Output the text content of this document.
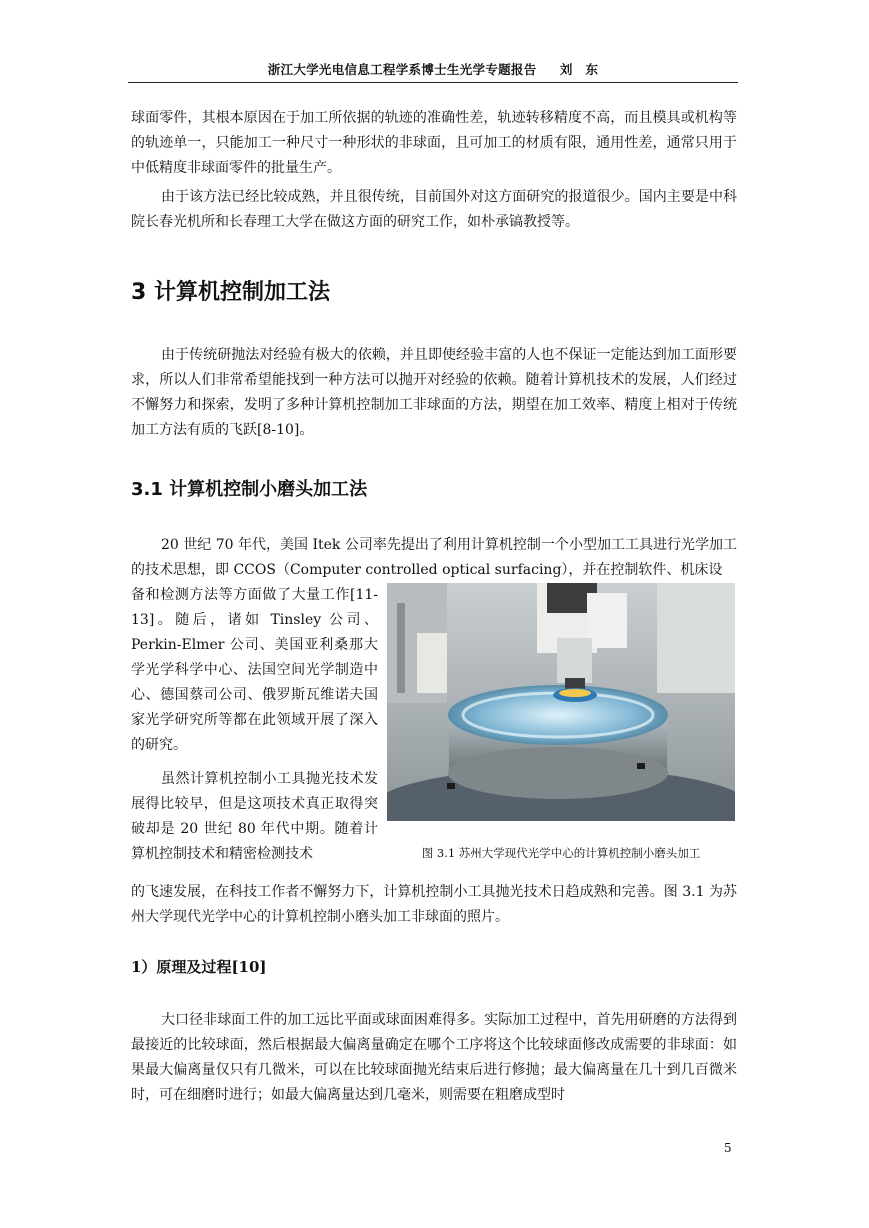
浙江大学光电信息工程学系博士生光学专题报告 刘　东

球面零件，其根本原因在于加工所依据的轨迹的准确性差，轨迹转移精度不高，而且模具或机构等的轨迹单一，只能加工一种尺寸一种形状的非球面，且可加工的材质有限，通用性差，通常只用于中低精度非球面零件的批量生产。

由于该方法已经比较成熟，并且很传统，目前国外对这方面研究的报道很少。国内主要是中科院长春光机所和长春理工大学在做这方面的研究工作，如朴承镐教授等。

3 计算机控制加工法

由于传统研抛法对经验有极大的依赖，并且即使经验丰富的人也不保证一定能达到加工面形要求，所以人们非常希望能找到一种方法可以抛开对经验的依赖。随着计算机技术的发展，人们经过不懈努力和探索，发明了多种计算机控制加工非球面的方法，期望在加工效率、精度上相对于传统加工方法有质的飞跃[8-10]。

3.1 计算机控制小磨头加工法

20 世纪 70 年代，美国 Itek 公司率先提出了利用计算机控制一个小型加工工具进行光学加工的技术思想，即 CCOS（Computer controlled optical surfacing），并在控制软件、机床设

备和检测方法等方面做了大量工作[11-13]。随后，诸如 Tinsley 公司、Perkin-Elmer 公司、美国亚利桑那大学光学科学中心、法国空间光学制造中心、德国蔡司公司、俄罗斯瓦维诺夫国家光学研究所等都在此领域开展了深入的研究。

虽然计算机控制小工具抛光技术发展得比较早，但是这项技术真正取得突破却是 20 世纪 80 年代中期。随着计算机控制技术和精密检测技术	图 3.1 苏州大学现代光学中心的计算机控制小磨头加工

的飞速发展，在科技工作者不懈努力下，计算机控制小工具抛光技术日趋成熟和完善。图 3.1 为苏州大学现代光学中心的计算机控制小磨头加工非球面的照片。

1）原理及过程[10]

大口径非球面工件的加工远比平面或球面困难得多。实际加工过程中，首先用研磨的方法得到最接近的比较球面，然后根据最大偏离量确定在哪个工序将这个比较球面修改成需要的非球面：如果最大偏离量仅只有几微米，可以在比较球面抛光结束后进行修抛；最大偏离量在几十到几百微米时，可在细磨时进行；如最大偏离量达到几毫米，则需要在粗磨成型时

5
